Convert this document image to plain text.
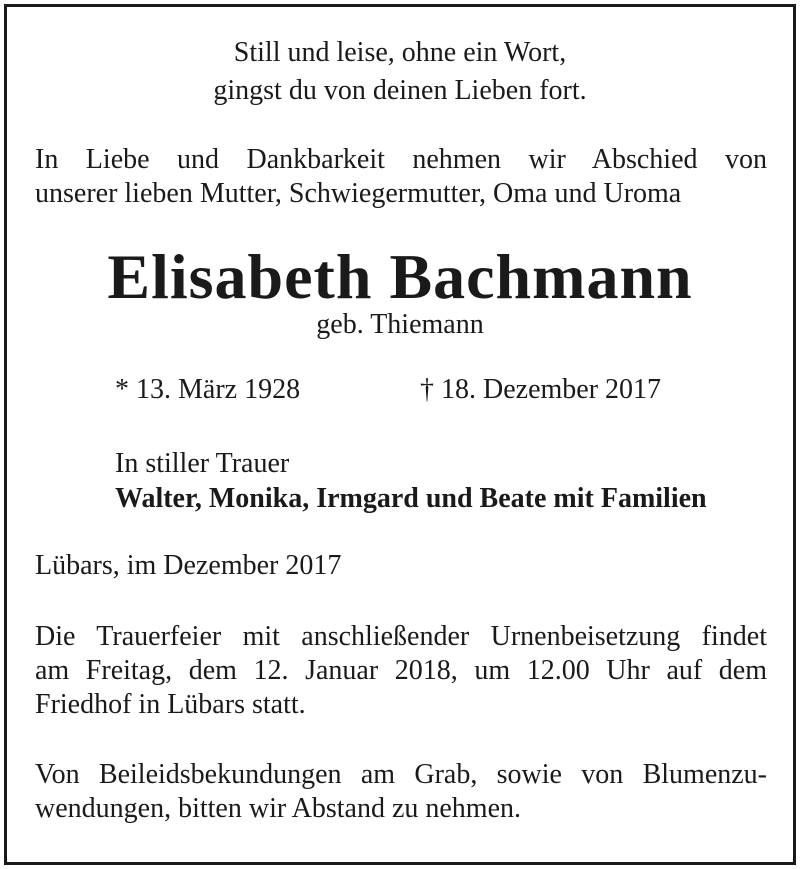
Still und leise, ohne ein Wort,
gingst du von deinen Lieben fort.
In Liebe und Dankbarkeit nehmen wir Abschied von
unserer lieben Mutter, Schwiegermutter, Oma und Uroma
Elisabeth Bachmann
geb. Thiemann
* 13. März 1928	† 18. Dezember 2017
In stiller Trauer
Walter, Monika, Irmgard und Beate mit Familien
Lübars, im Dezember 2017
Die Trauerfeier mit anschließender Urnenbeisetzung findet
am Freitag, dem 12. Januar 2018, um 12.00 Uhr auf dem
Friedhof in Lübars statt.
Von Beileidsbekundungen am Grab, sowie von Blumenzu-
wendungen, bitten wir Abstand zu nehmen.
